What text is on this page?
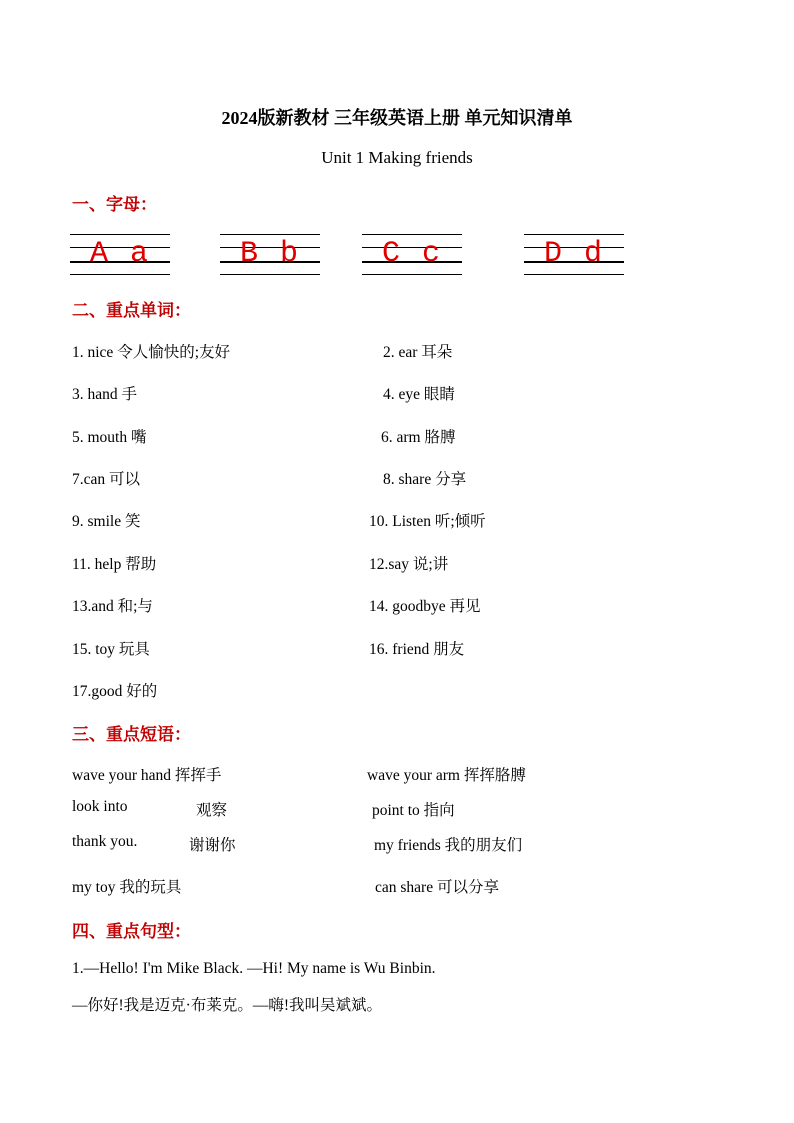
2024版新教材 三年级英语上册 单元知识清单
Unit 1 Making friends
一、字母：
A a	B b	C c	D d
二、重点单词：
1. nice 令人愉快的;友好	2. ear 耳朵
3. hand 手	4. eye 眼睛
5. mouth 嘴	6. arm 胳膊
7.can 可以	8. share 分享
9. smile 笑	10. Listen 听;倾听
11. help 帮助	12.say 说;讲
13.and 和;与	14. goodbye 再见
15. toy 玩具	16. friend 朋友
17.good 好的
三、重点短语：
wave your hand 挥挥手	wave your arm 挥挥胳膊
look into	观察	point to 指向
thank you.	谢谢你	my friends 我的朋友们
my toy 我的玩具	can share 可以分享
四、重点句型：
1.—Hello! I'm Mike Black. —Hi! My name is Wu Binbin.
—你好!我是迈克·布莱克。—嗨!我叫吴斌斌。
